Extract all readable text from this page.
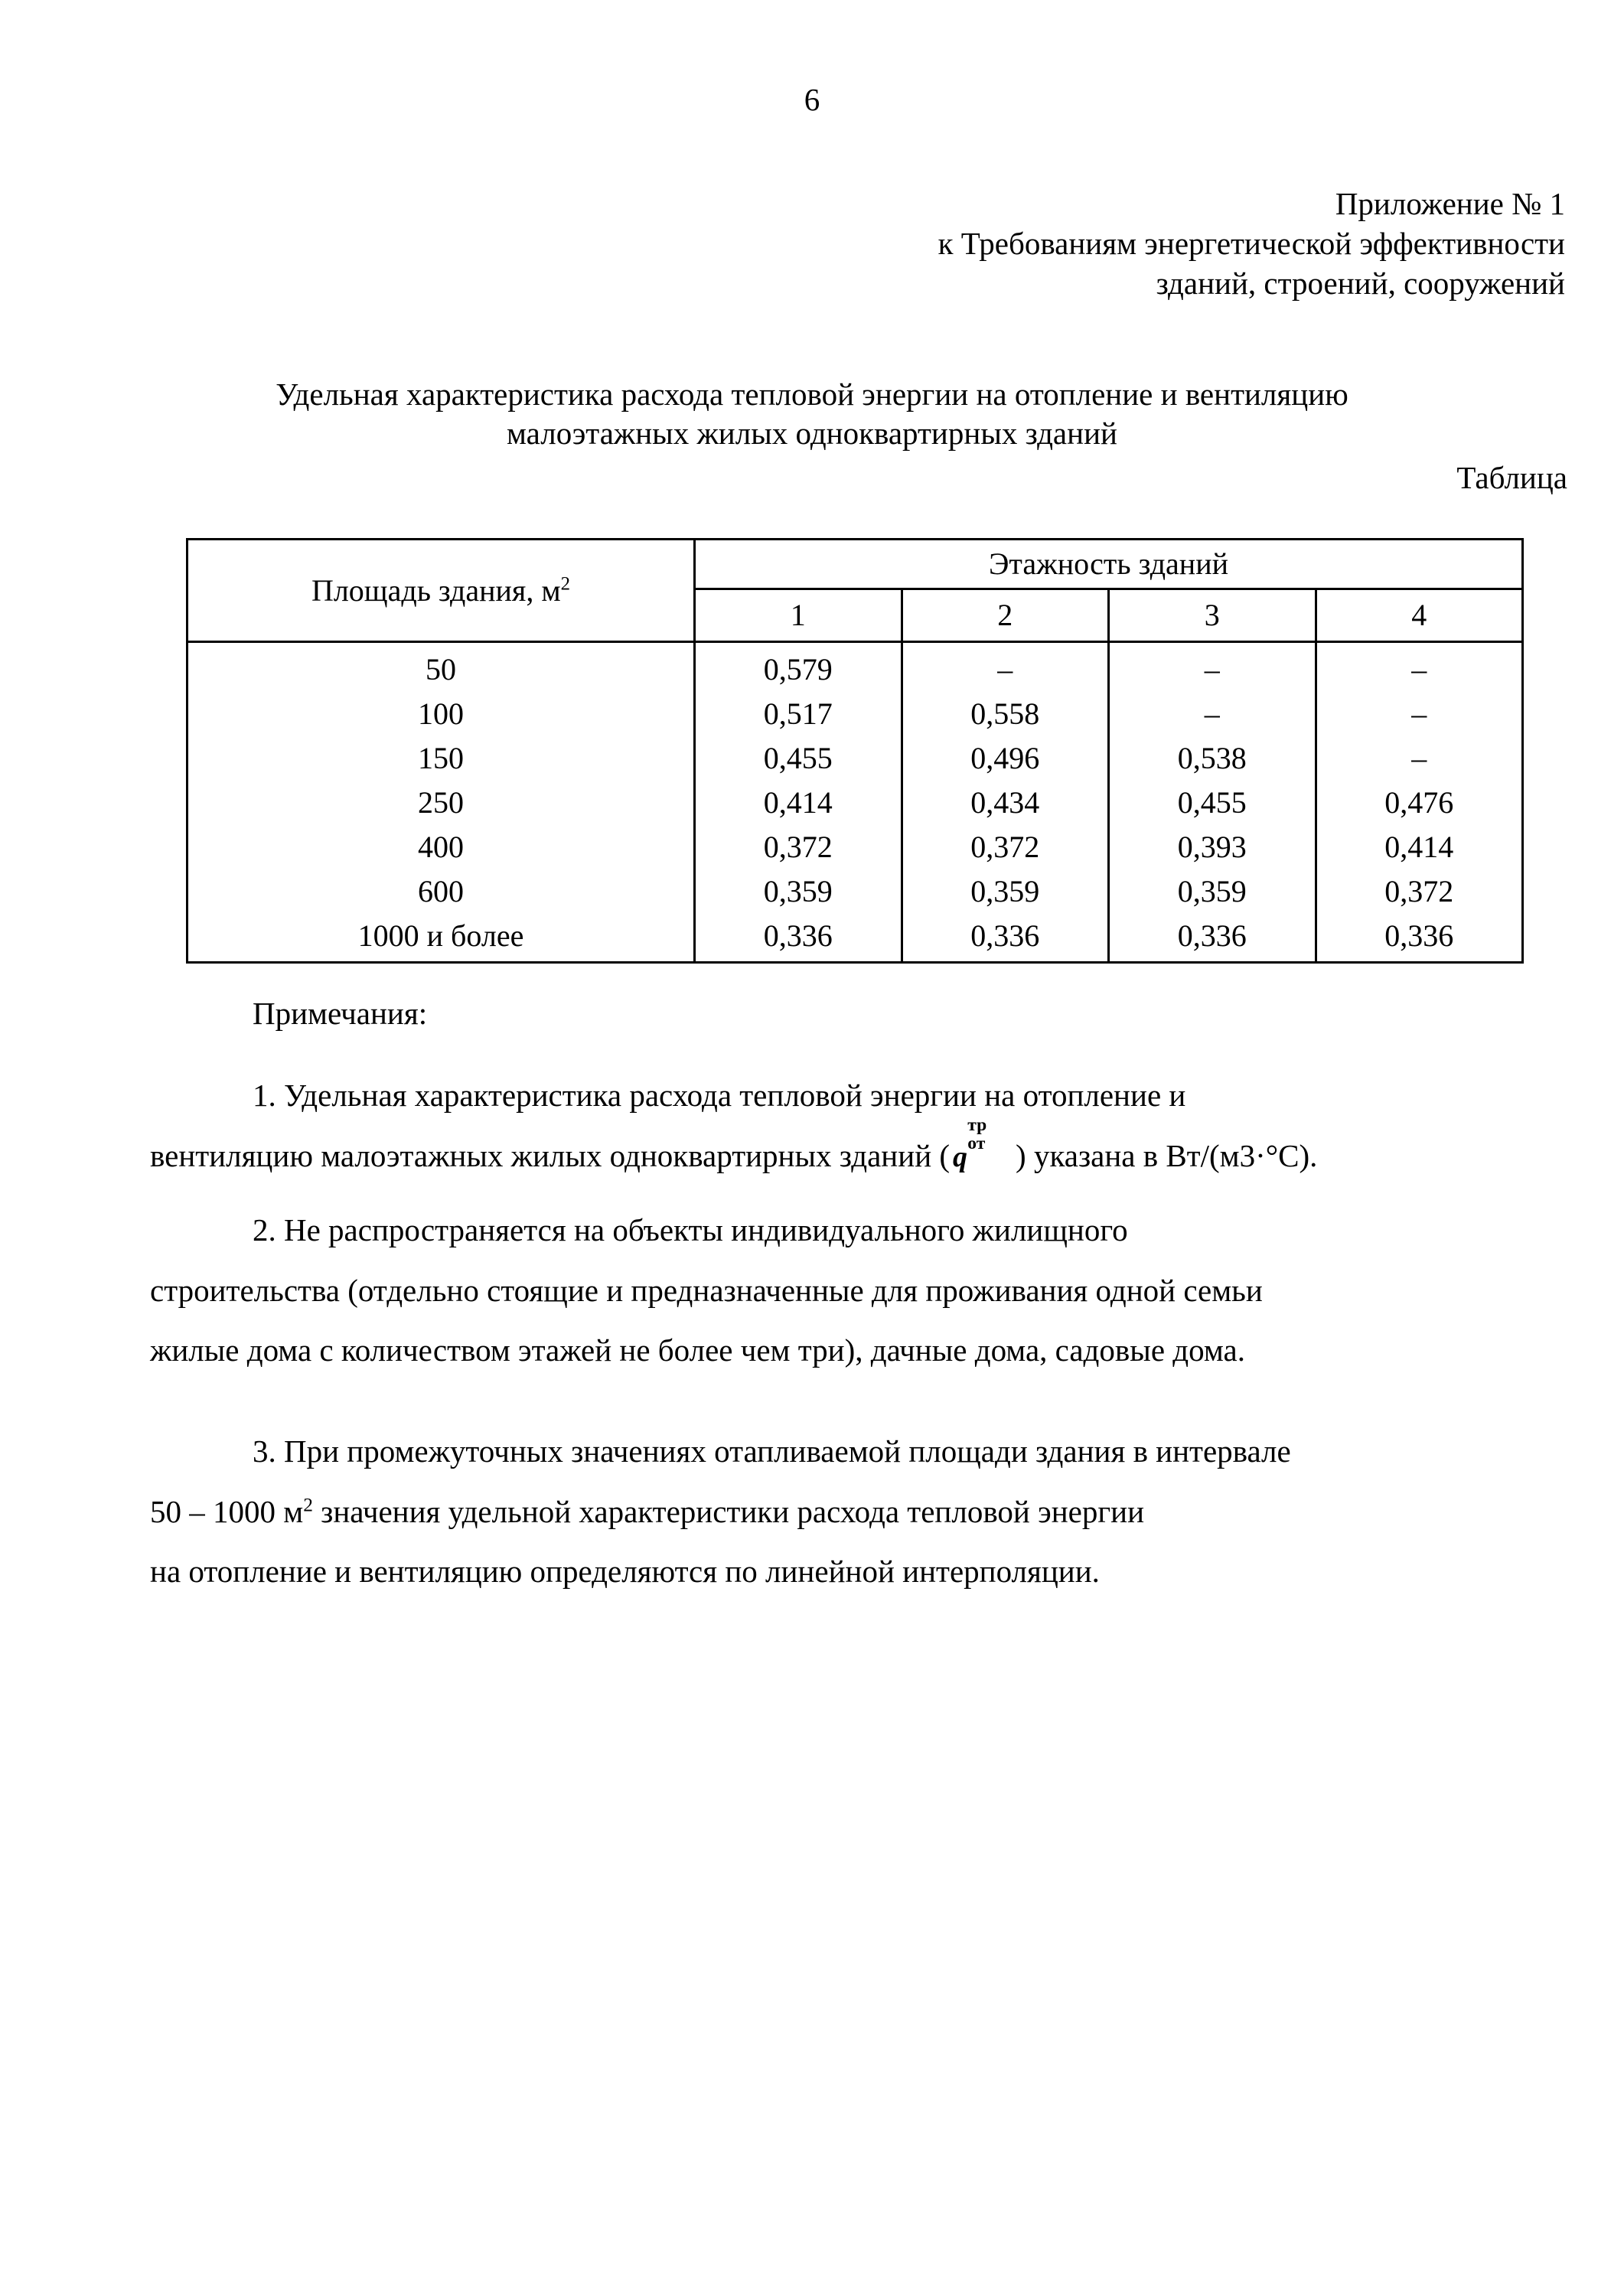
6
Приложение № 1
к Требованиям энергетической эффективности
зданий, строений, сооружений
Удельная характеристика расхода тепловой энергии на отопление и вентиляцию
малоэтажных жилых одноквартирных зданий
Таблица
Площадь здания, $м^2$	Этажность зданий			
	1	2	3	4
50	0,579	–	–	–
100	0,517	0,558	–	–
150	0,455	0,496	0,538	–
250	0,414	0,434	0,455	0,476
400	0,372	0,372	0,393	0,414
600	0,359	0,359	0,359	0,372
1000 и более	0,336	0,336	0,336	0,336
Примечания:

1. Удельная характеристика расхода тепловой энергии на отопление и

вентиляцию малоэтажных жилых одноквартирных зданий ( q
тр
от ) указана в Вт/(м3·°С).

2. Не распространяется на объекты индивидуального жилищного

строительства (отдельно стоящие и предназначенные для проживания одной семьи

жилые дома с количеством этажей не более чем три), дачные дома, садовые дома.

3. При промежуточных значениях отапливаемой площади здания в интервале

50 – 1000 $м^2$ значения удельной характеристики расхода тепловой энергии

на отопление и вентиляцию определяются по линейной интерполяции.
